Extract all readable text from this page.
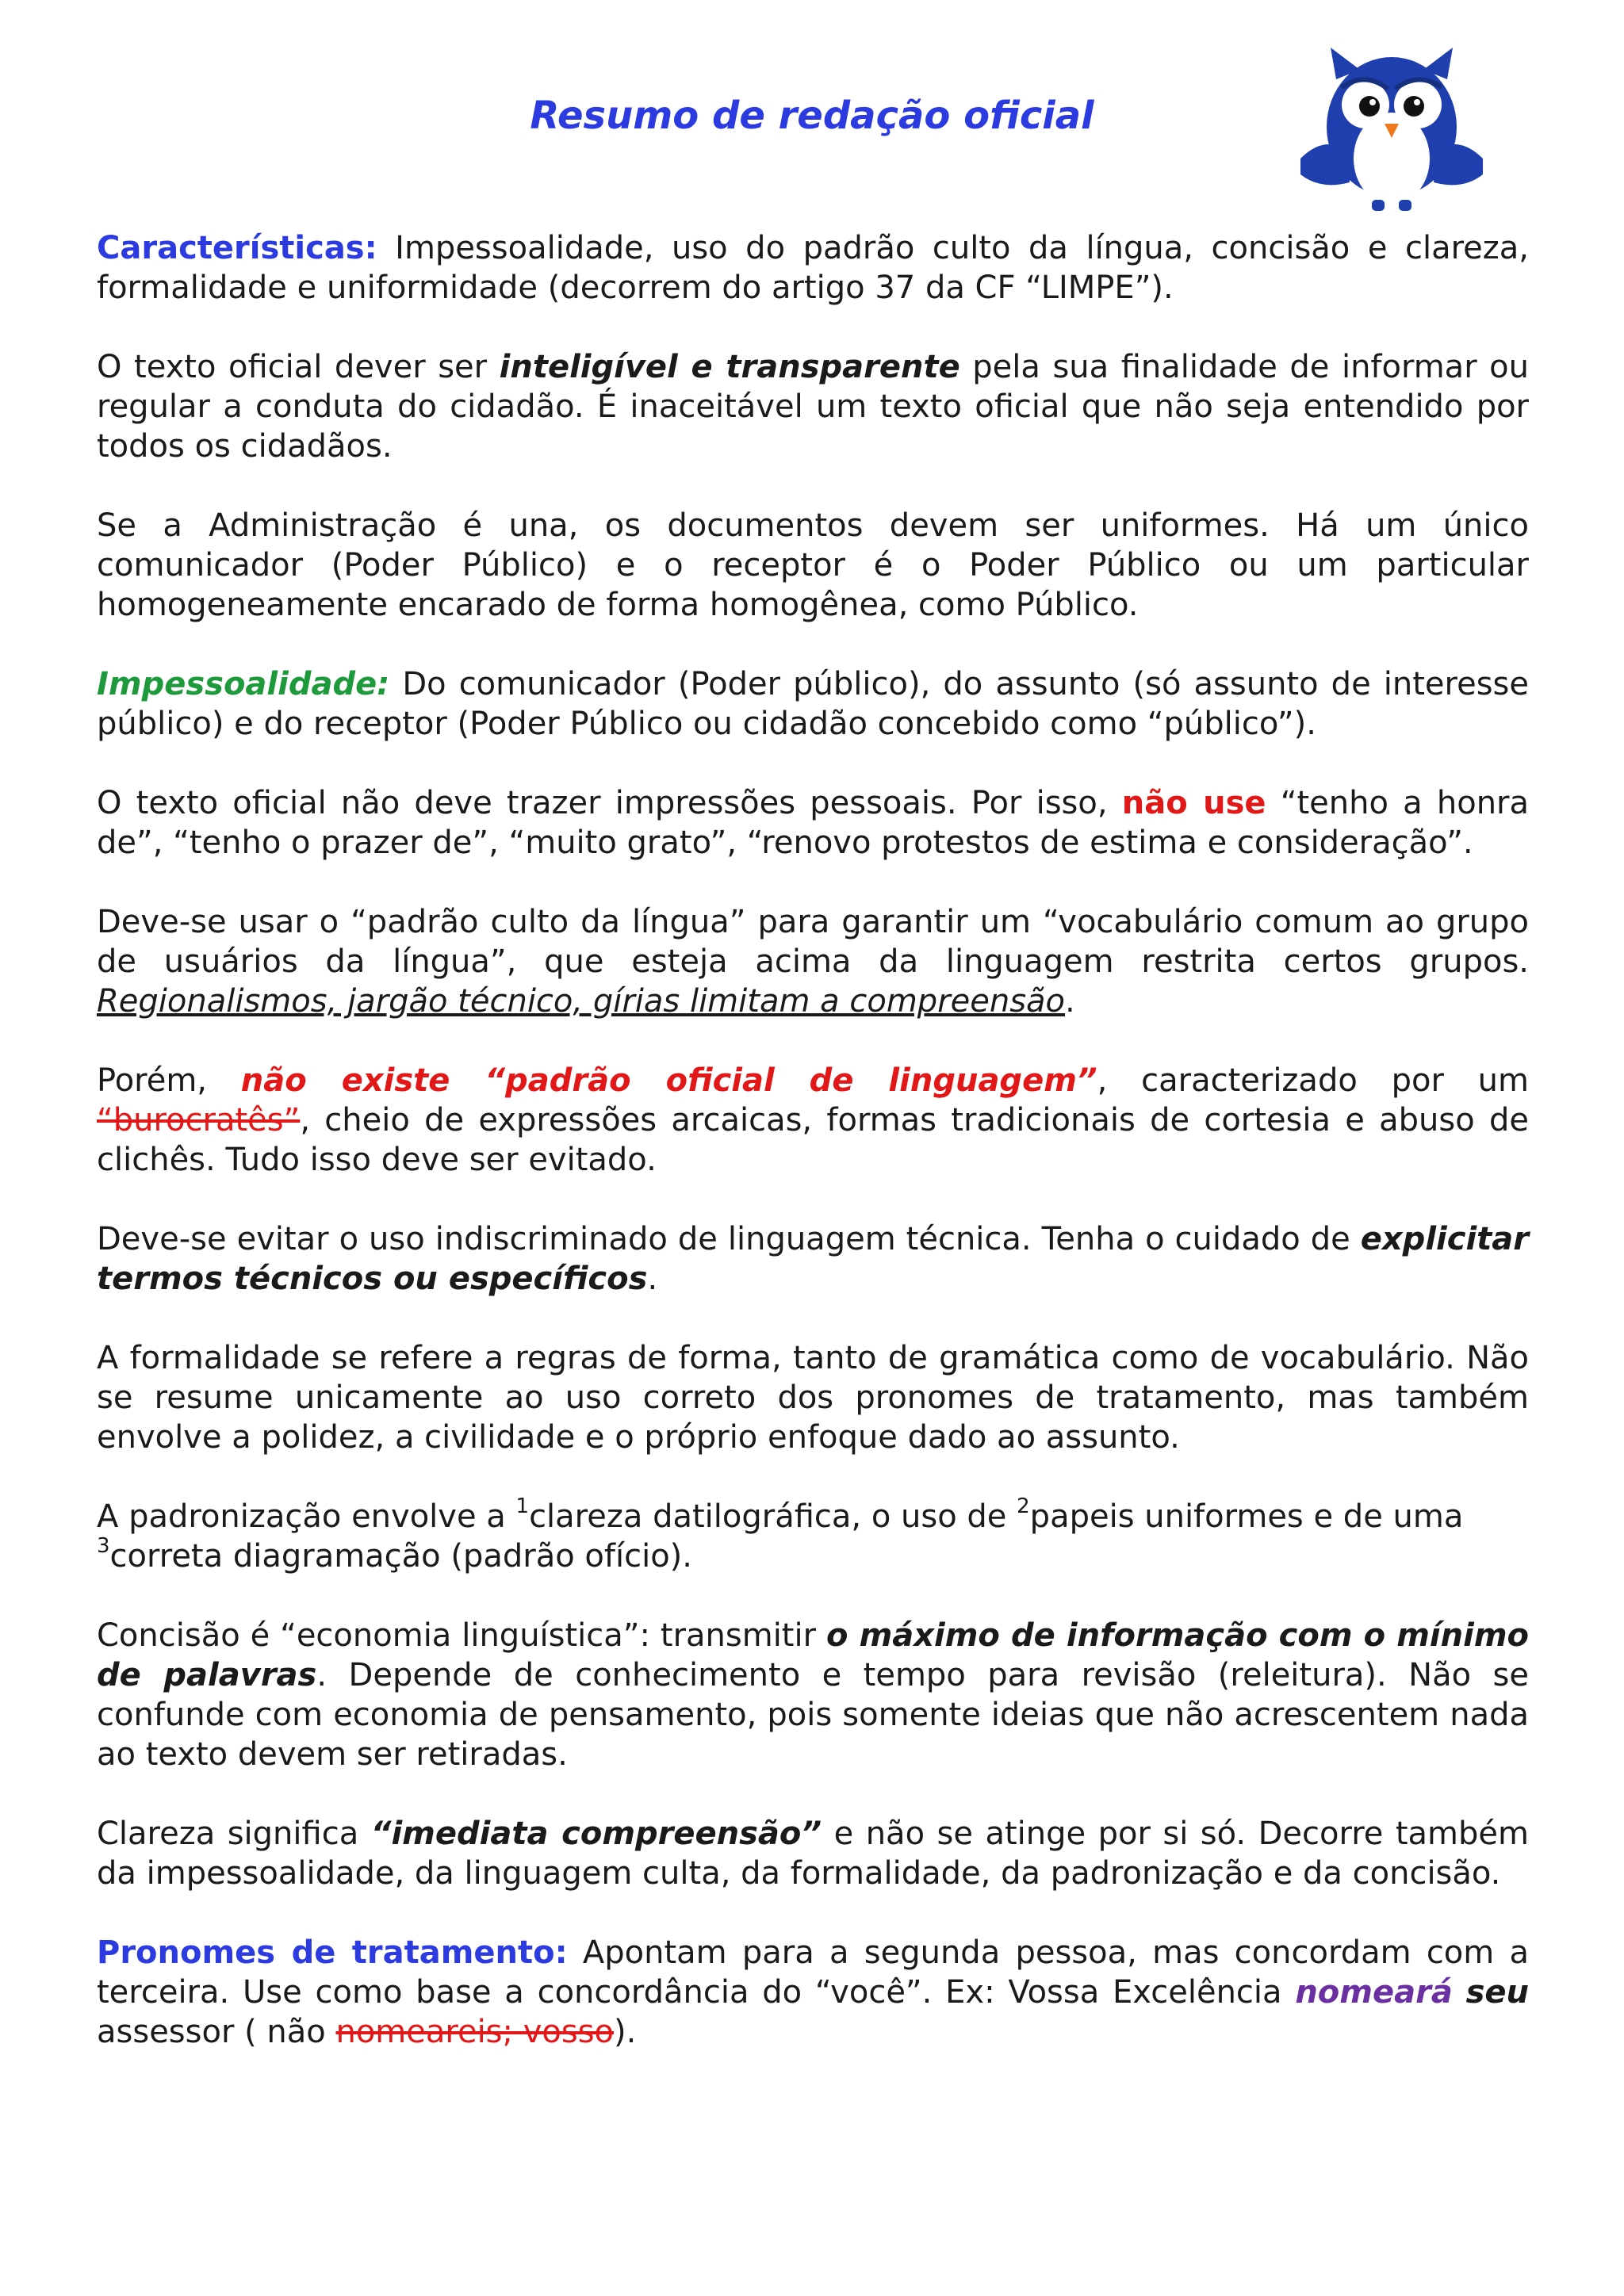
Resumo de redação oficial

Características: Impessoalidade, uso do padrão culto da língua, concisão e clareza, formalidade e uniformidade (decorrem do artigo 37 da CF “LIMPE”).

O texto oficial dever ser inteligível e transparente pela sua finalidade de informar ou regular a conduta do cidadão. É inaceitável um texto oficial que não seja entendido por todos os cidadãos.

Se a Administração é una, os documentos devem ser uniformes. Há um único comunicador (Poder Público) e o receptor é o Poder Público ou um particular homogeneamente encarado de forma homogênea, como Público.

Impessoalidade: Do comunicador (Poder público), do assunto (só assunto de interesse público) e do receptor (Poder Público ou cidadão concebido como “público”).

O texto oficial não deve trazer impressões pessoais. Por isso, não use “tenho a honra de”, “tenho o prazer de”, “muito grato”, “renovo protestos de estima e consideração”.

Deve-se usar o “padrão culto da língua” para garantir um “vocabulário comum ao grupo de usuários da língua”, que esteja acima da linguagem restrita certos grupos. Regionalismos, jargão técnico, gírias limitam a compreensão.

Porém, não existe “padrão oficial de linguagem”, caracterizado por um “burocratês”, cheio de expressões arcaicas, formas tradicionais de cortesia e abuso de clichês. Tudo isso deve ser evitado.

Deve-se evitar o uso indiscriminado de linguagem técnica. Tenha o cuidado de explicitar termos técnicos ou específicos.

A formalidade se refere a regras de forma, tanto de gramática como de vocabulário. Não se resume unicamente ao uso correto dos pronomes de tratamento, mas também envolve a polidez, a civilidade e o próprio enfoque dado ao assunto.

A padronização envolve a $^1$clareza datilográfica, o uso de $^2$papeis uniformes e de uma $^3$correta diagramação (padrão ofício).

Concisão é “economia linguística”: transmitir o máximo de informação com o mínimo de palavras. Depende de conhecimento e tempo para revisão (releitura). Não se confunde com economia de pensamento, pois somente ideias que não acrescentem nada ao texto devem ser retiradas.

Clareza significa “imediata compreensão” e não se atinge por si só. Decorre também da impessoalidade, da linguagem culta, da formalidade, da padronização e da concisão.

Pronomes de tratamento: Apontam para a segunda pessoa, mas concordam com a terceira. Use como base a concordância do “você”. Ex: Vossa Excelência nomeará seu assessor ( não nomeareis; vosso).
